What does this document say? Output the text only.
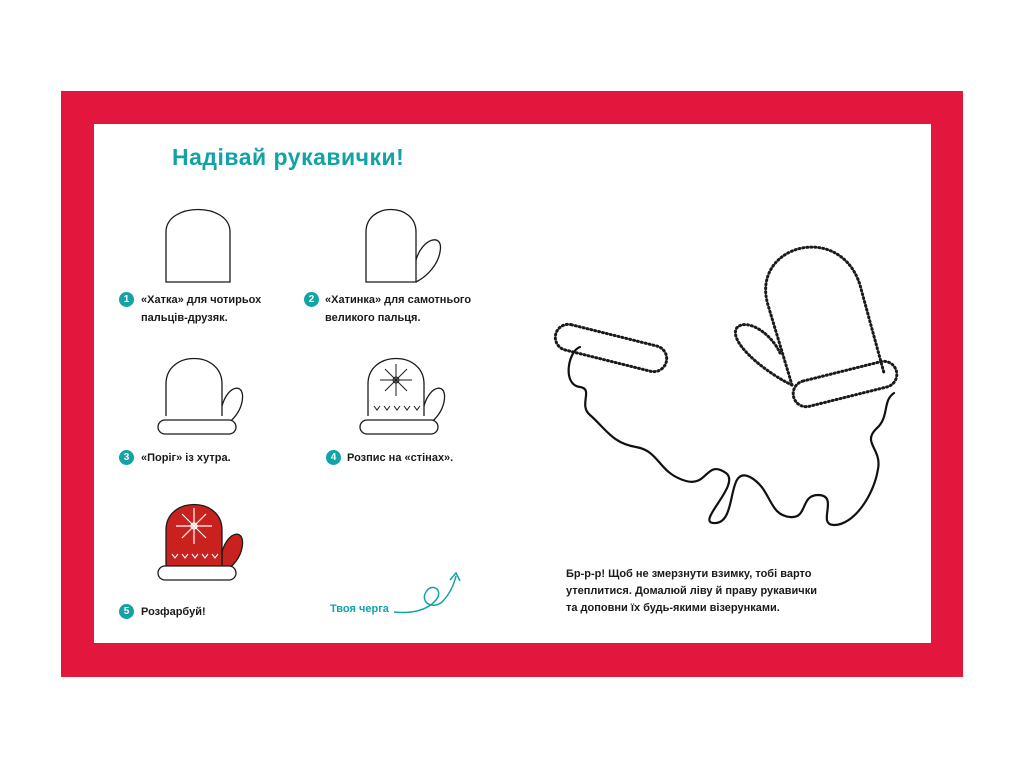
Надівай рукавички!
1	«Хатка» для чотирьох
пальців-друзяк.
2 «Хатинка» для самотнього
великого пальця.
3	«Поріг» із хутра.	4 Розпис на «стінах».
5	Розфарбуй!	Твоя черга
Бр-р-р! Щоб не змерзнути взимку, тобі варто
утеплитися. Домалюй ліву й праву рукавички
та доповни їх будь-якими візерунками.
